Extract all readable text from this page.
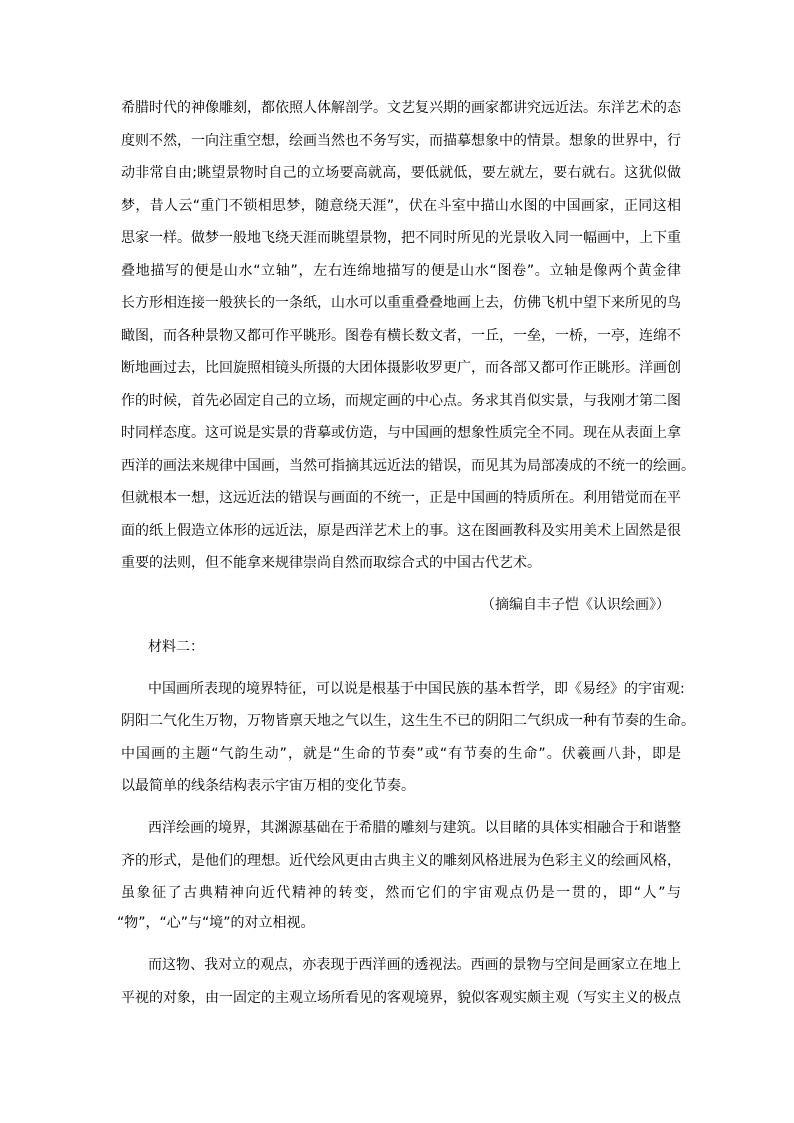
希腊时代的神像雕刻，都依照人体解剖学。文艺复兴期的画家都讲究远近法。东洋艺术的态
度则不然，一向注重空想，绘画当然也不务写实，而描摹想象中的情景。想象的世界中，行
动非常自由;眺望景物时自己的立场要高就高，要低就低，要左就左，要右就右。这犹似做
梦，昔人云“重门不锁相思梦，随意绕天涯”，伏在斗室中描山水图的中国画家，正同这相
思家一样。做梦一般地飞绕天涯而眺望景物，把不同时所见的光景收入同一幅画中，上下重
叠地描写的便是山水“立轴”，左右连绵地描写的便是山水“图卷”。立轴是像两个黄金律
长方形相连接一般狭长的一条纸，山水可以重重叠叠地画上去，仿佛飞机中望下来所见的鸟
瞰图，而各种景物又都可作平眺形。图卷有横长数文者，一丘，一垒，一桥，一亭，连绵不
断地画过去，比回旋照相镜头所摄的大团体摄影收罗更广，而各部又都可作正眺形。洋画创
作的时候，首先必固定自己的立场，而规定画的中心点。务求其肖似实景，与我刚才第二图
时同样态度。这可说是实景的背摹或仿造，与中国画的想象性质完全不同。现在从表面上拿
西洋的画法来规律中国画，当然可指摘其远近法的错误，而见其为局部凑成的不统一的绘画。
但就根本一想，这远近法的错误与画面的不统一，正是中国画的特质所在。利用错觉而在平
面的纸上假造立体形的远近法，原是西洋艺术上的事。这在图画教科及实用美术上固然是很
重要的法则，但不能拿来规律崇尚自然而取综合式的中国古代艺术。
（摘编自丰子恺《认识绘画》）
材料二：
中国画所表现的境界特征，可以说是根基于中国民族的基本哲学，即《易经》的宇宙观:
阴阳二气化生万物，万物皆禀天地之气以生，这生生不已的阴阳二气织成一种有节奏的生命。
中国画的主题“气韵生动”，就是“生命的节奏”或“有节奏的生命”。伏羲画八卦，即是
以最简单的线条结构表示宇宙万相的变化节奏。
西洋绘画的境界，其渊源基础在于希腊的雕刻与建筑。以目睹的具体实相融合于和谐整
齐的形式，是他们的理想。近代绘风更由古典主义的雕刻风格进展为色彩主义的绘画风格，
虽象征了古典精神向近代精神的转变，然而它们的宇宙观点仍是一贯的，即“人”与
“物”，“心”与“境”的对立相视。
而这物、我对立的观点，亦表现于西洋画的透视法。西画的景物与空间是画家立在地上
平视的对象，由一固定的主观立场所看见的客观境界，貌似客观实颇主观（写实主义的极点
